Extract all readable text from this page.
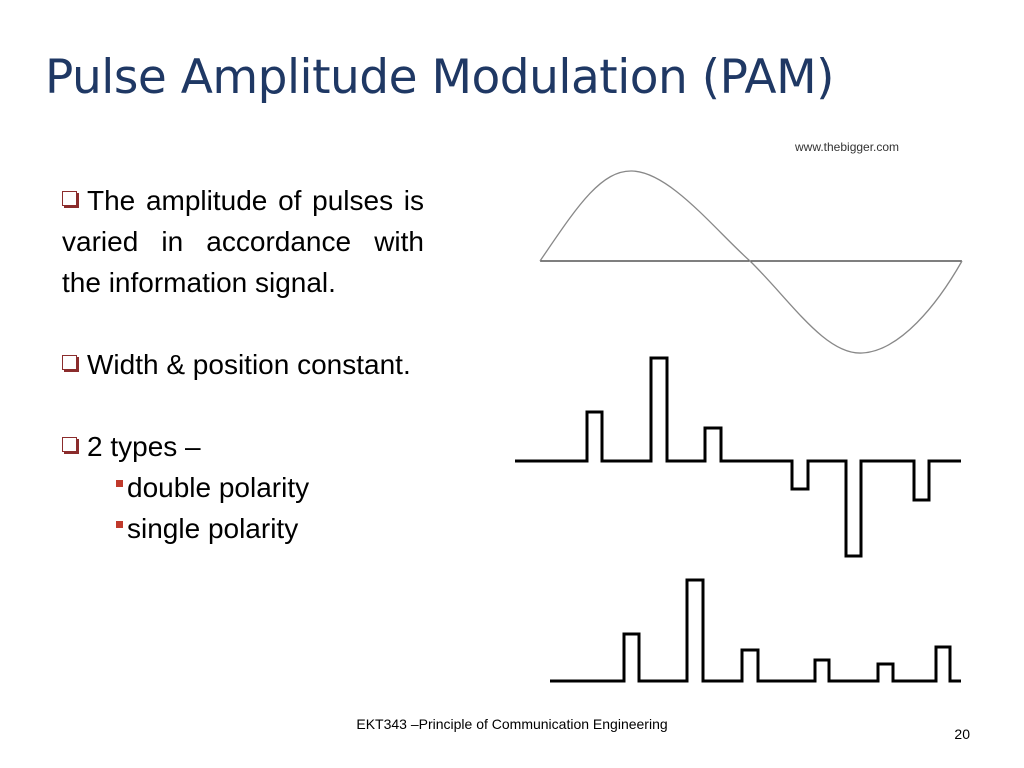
Pulse Amplitude Modulation (PAM)

The amplitude of pulses is varied in accordance with the information signal.

Width & position constant.

2 types –

double polarity
single polarity
www.thebigger.com
EKT343 –Principle of Communication Engineering
20
